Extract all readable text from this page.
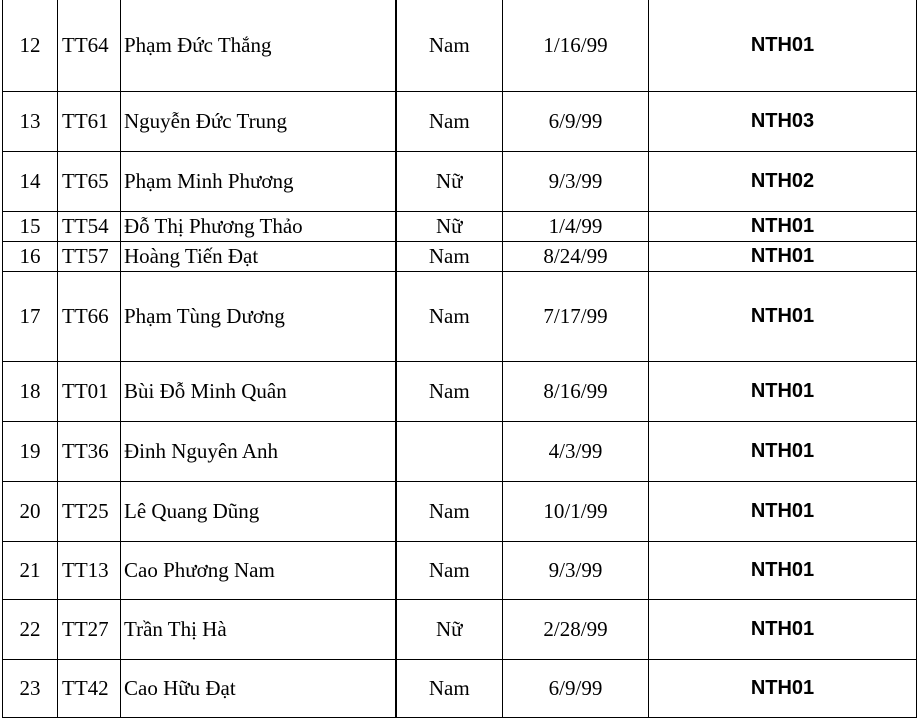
12	TT64	Phạm Đức Thắng	Nam	1/16/99	NTH01
13	TT61	Nguyễn Đức Trung	Nam	6/9/99	NTH03
14	TT65	Phạm Minh Phương	Nữ	9/3/99	NTH02
15	TT54	Đỗ Thị Phương Thảo	Nữ	1/4/99	NTH01
16	TT57	Hoàng Tiến Đạt	Nam	8/24/99	NTH01
17	TT66	Phạm Tùng Dương	Nam	7/17/99	NTH01
18	TT01	Bùi Đỗ Minh Quân	Nam	8/16/99	NTH01
19	TT36	Đinh Nguyên Anh		4/3/99	NTH01
20	TT25	Lê Quang Dũng	Nam	10/1/99	NTH01
21	TT13	Cao Phương Nam	Nam	9/3/99	NTH01
22	TT27	Trần Thị Hà	Nữ	2/28/99	NTH01
23	TT42	Cao Hữu Đạt	Nam	6/9/99	NTH01
